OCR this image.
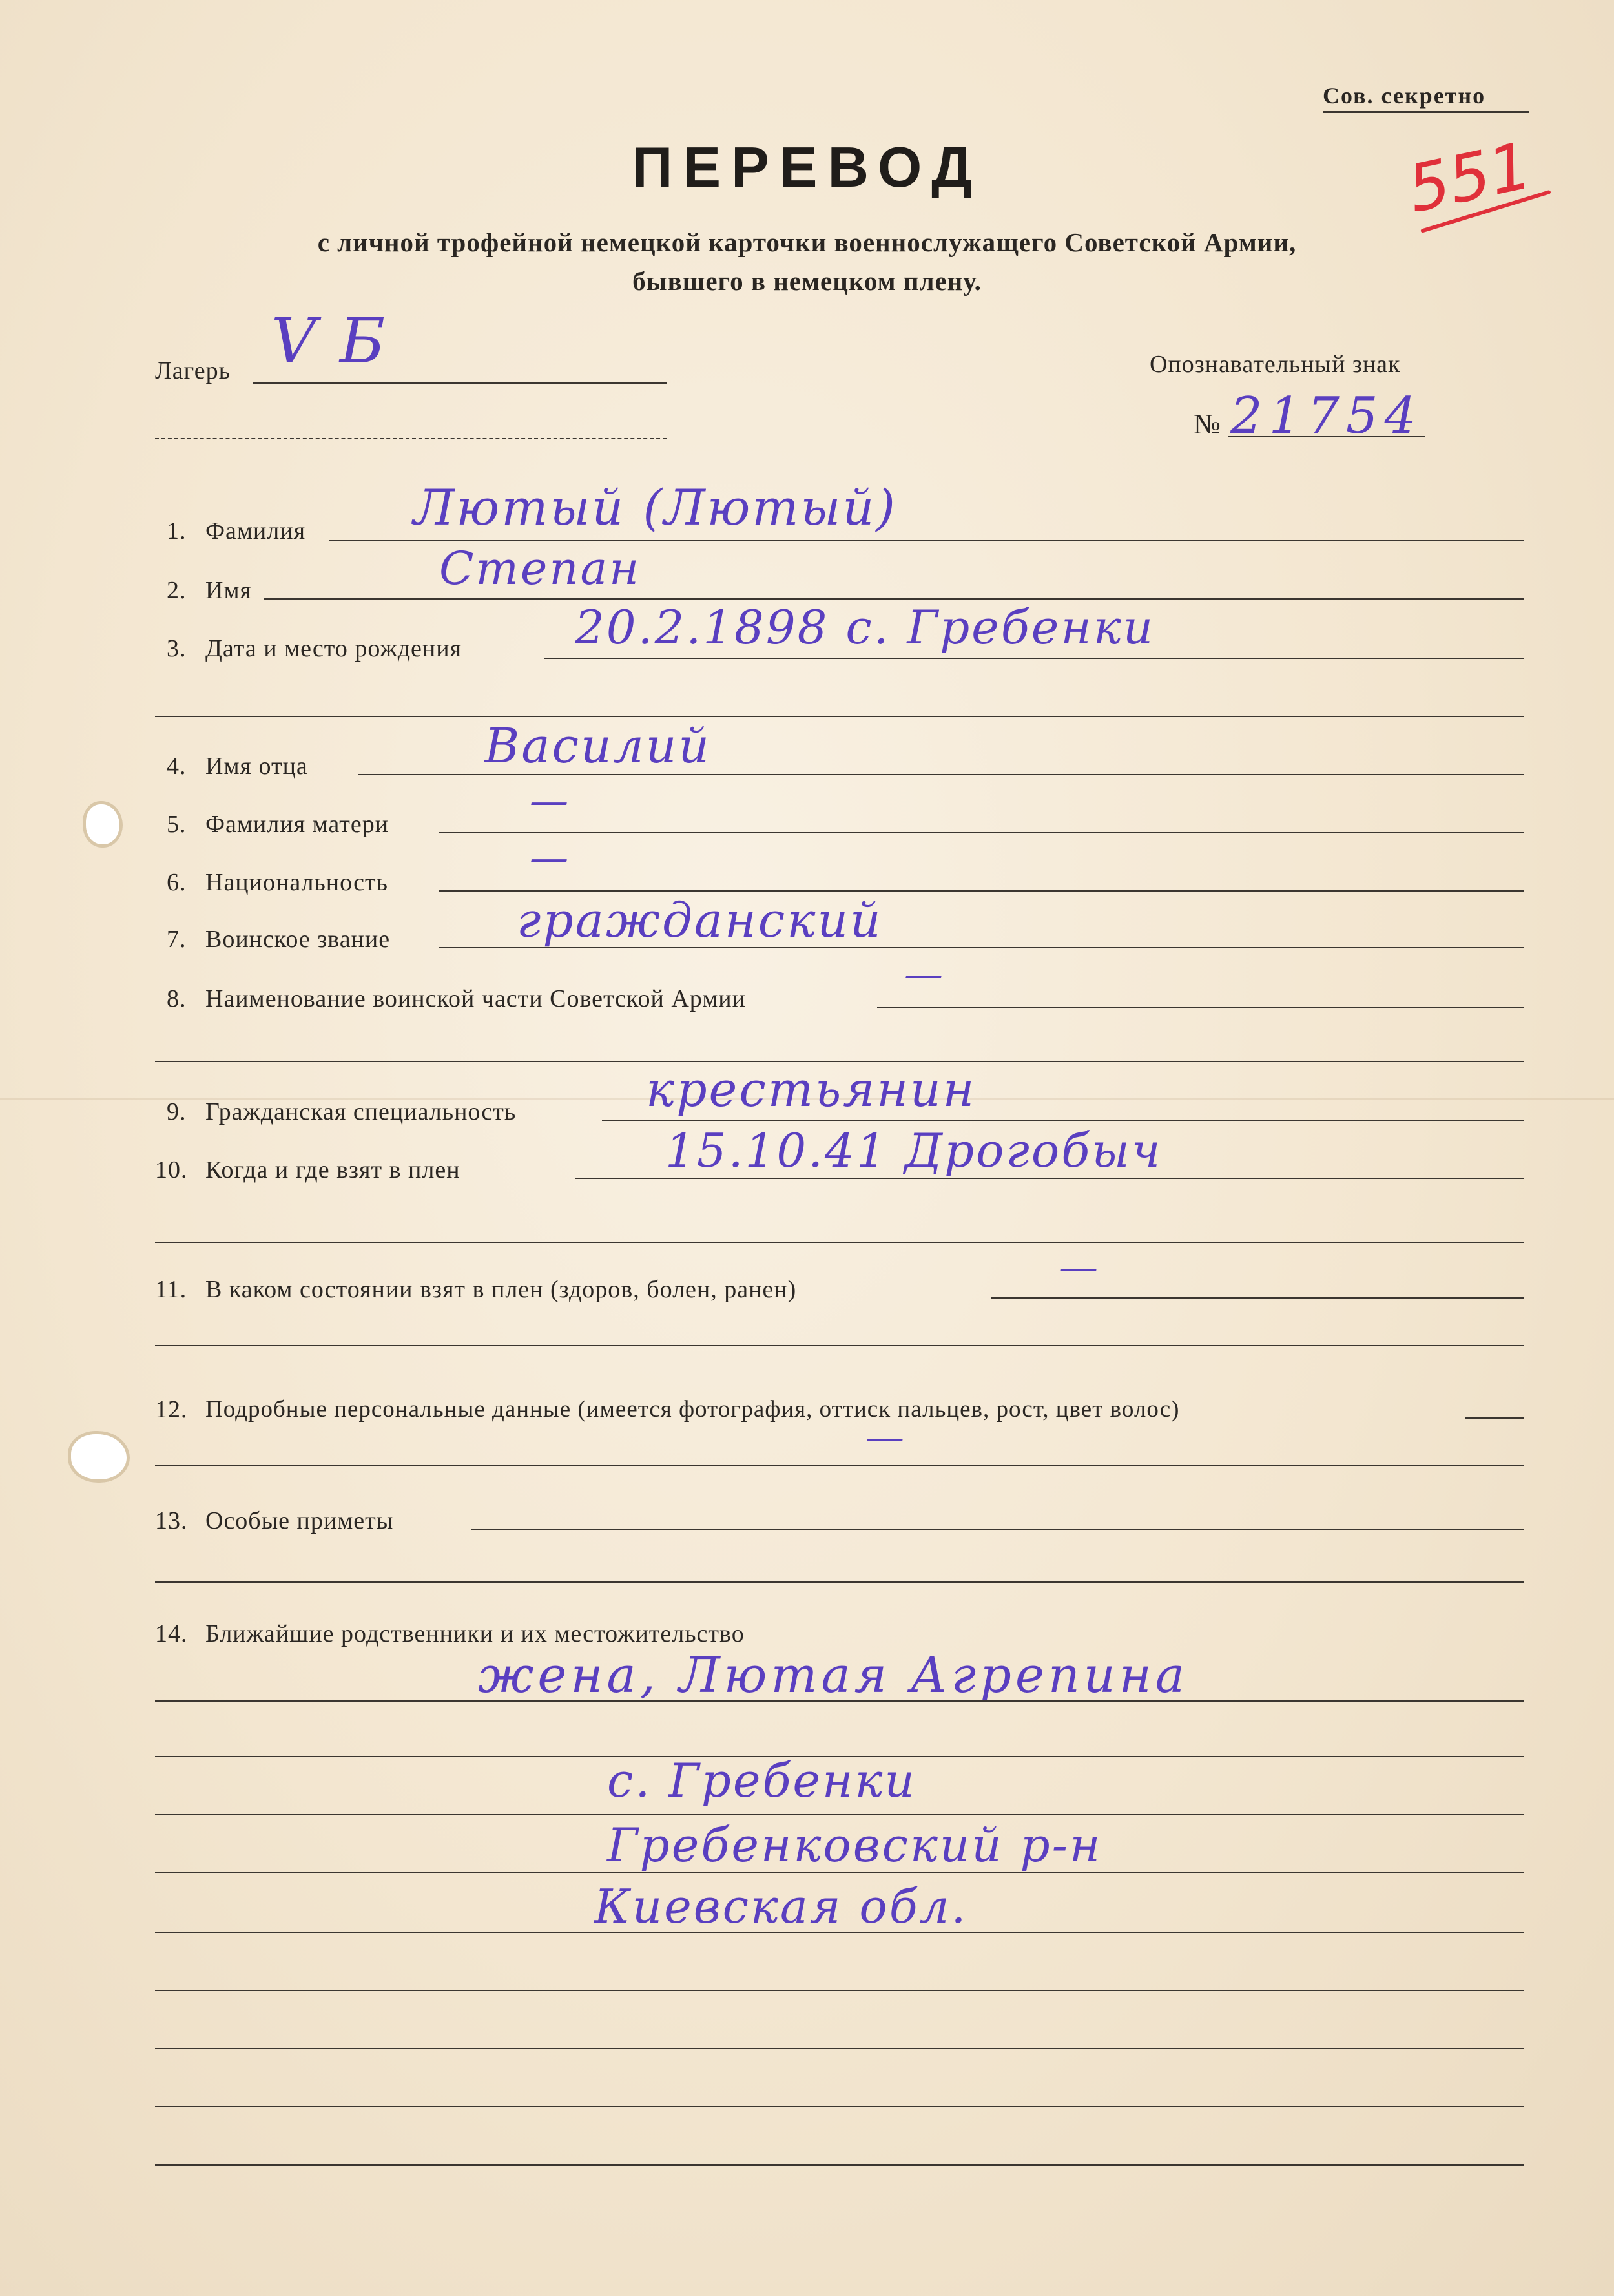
Сов. секретно
ПЕРЕВОД
с личной трофейной немецкой карточки военнослужащего Советской Армии,
бывшего в немецком плену.
551
Лагерь V Б	Опознавательный знак
№ 21754
1. Фамилия Лютый (Лютый)
2. Имя	Степан
3. Дата и место рождения 20.2.1898 с. Гребенки
4. Имя отца	Василий
5. Фамилия матери
—
6. Национальность
—
7. Воинское звание	гражданский
8. Наименование воинской части Советской Армии
—
9. Гражданская специальность	крестьянин
10. Когда и где взят в плен	15.10.41 Дрогобыч
11. В каком состоянии взят в плен (здоров, болен, ранен)	—
12. Подробные персональные данные (имеется фотография, оттиск пальцев, рост, цвет волос)
—
13. Особые приметы
14. Ближайшие родственники и их местожительство
жена, Лютая Агрепина
с. Гребенки
Гребенковский р-н
Киевская обл.
